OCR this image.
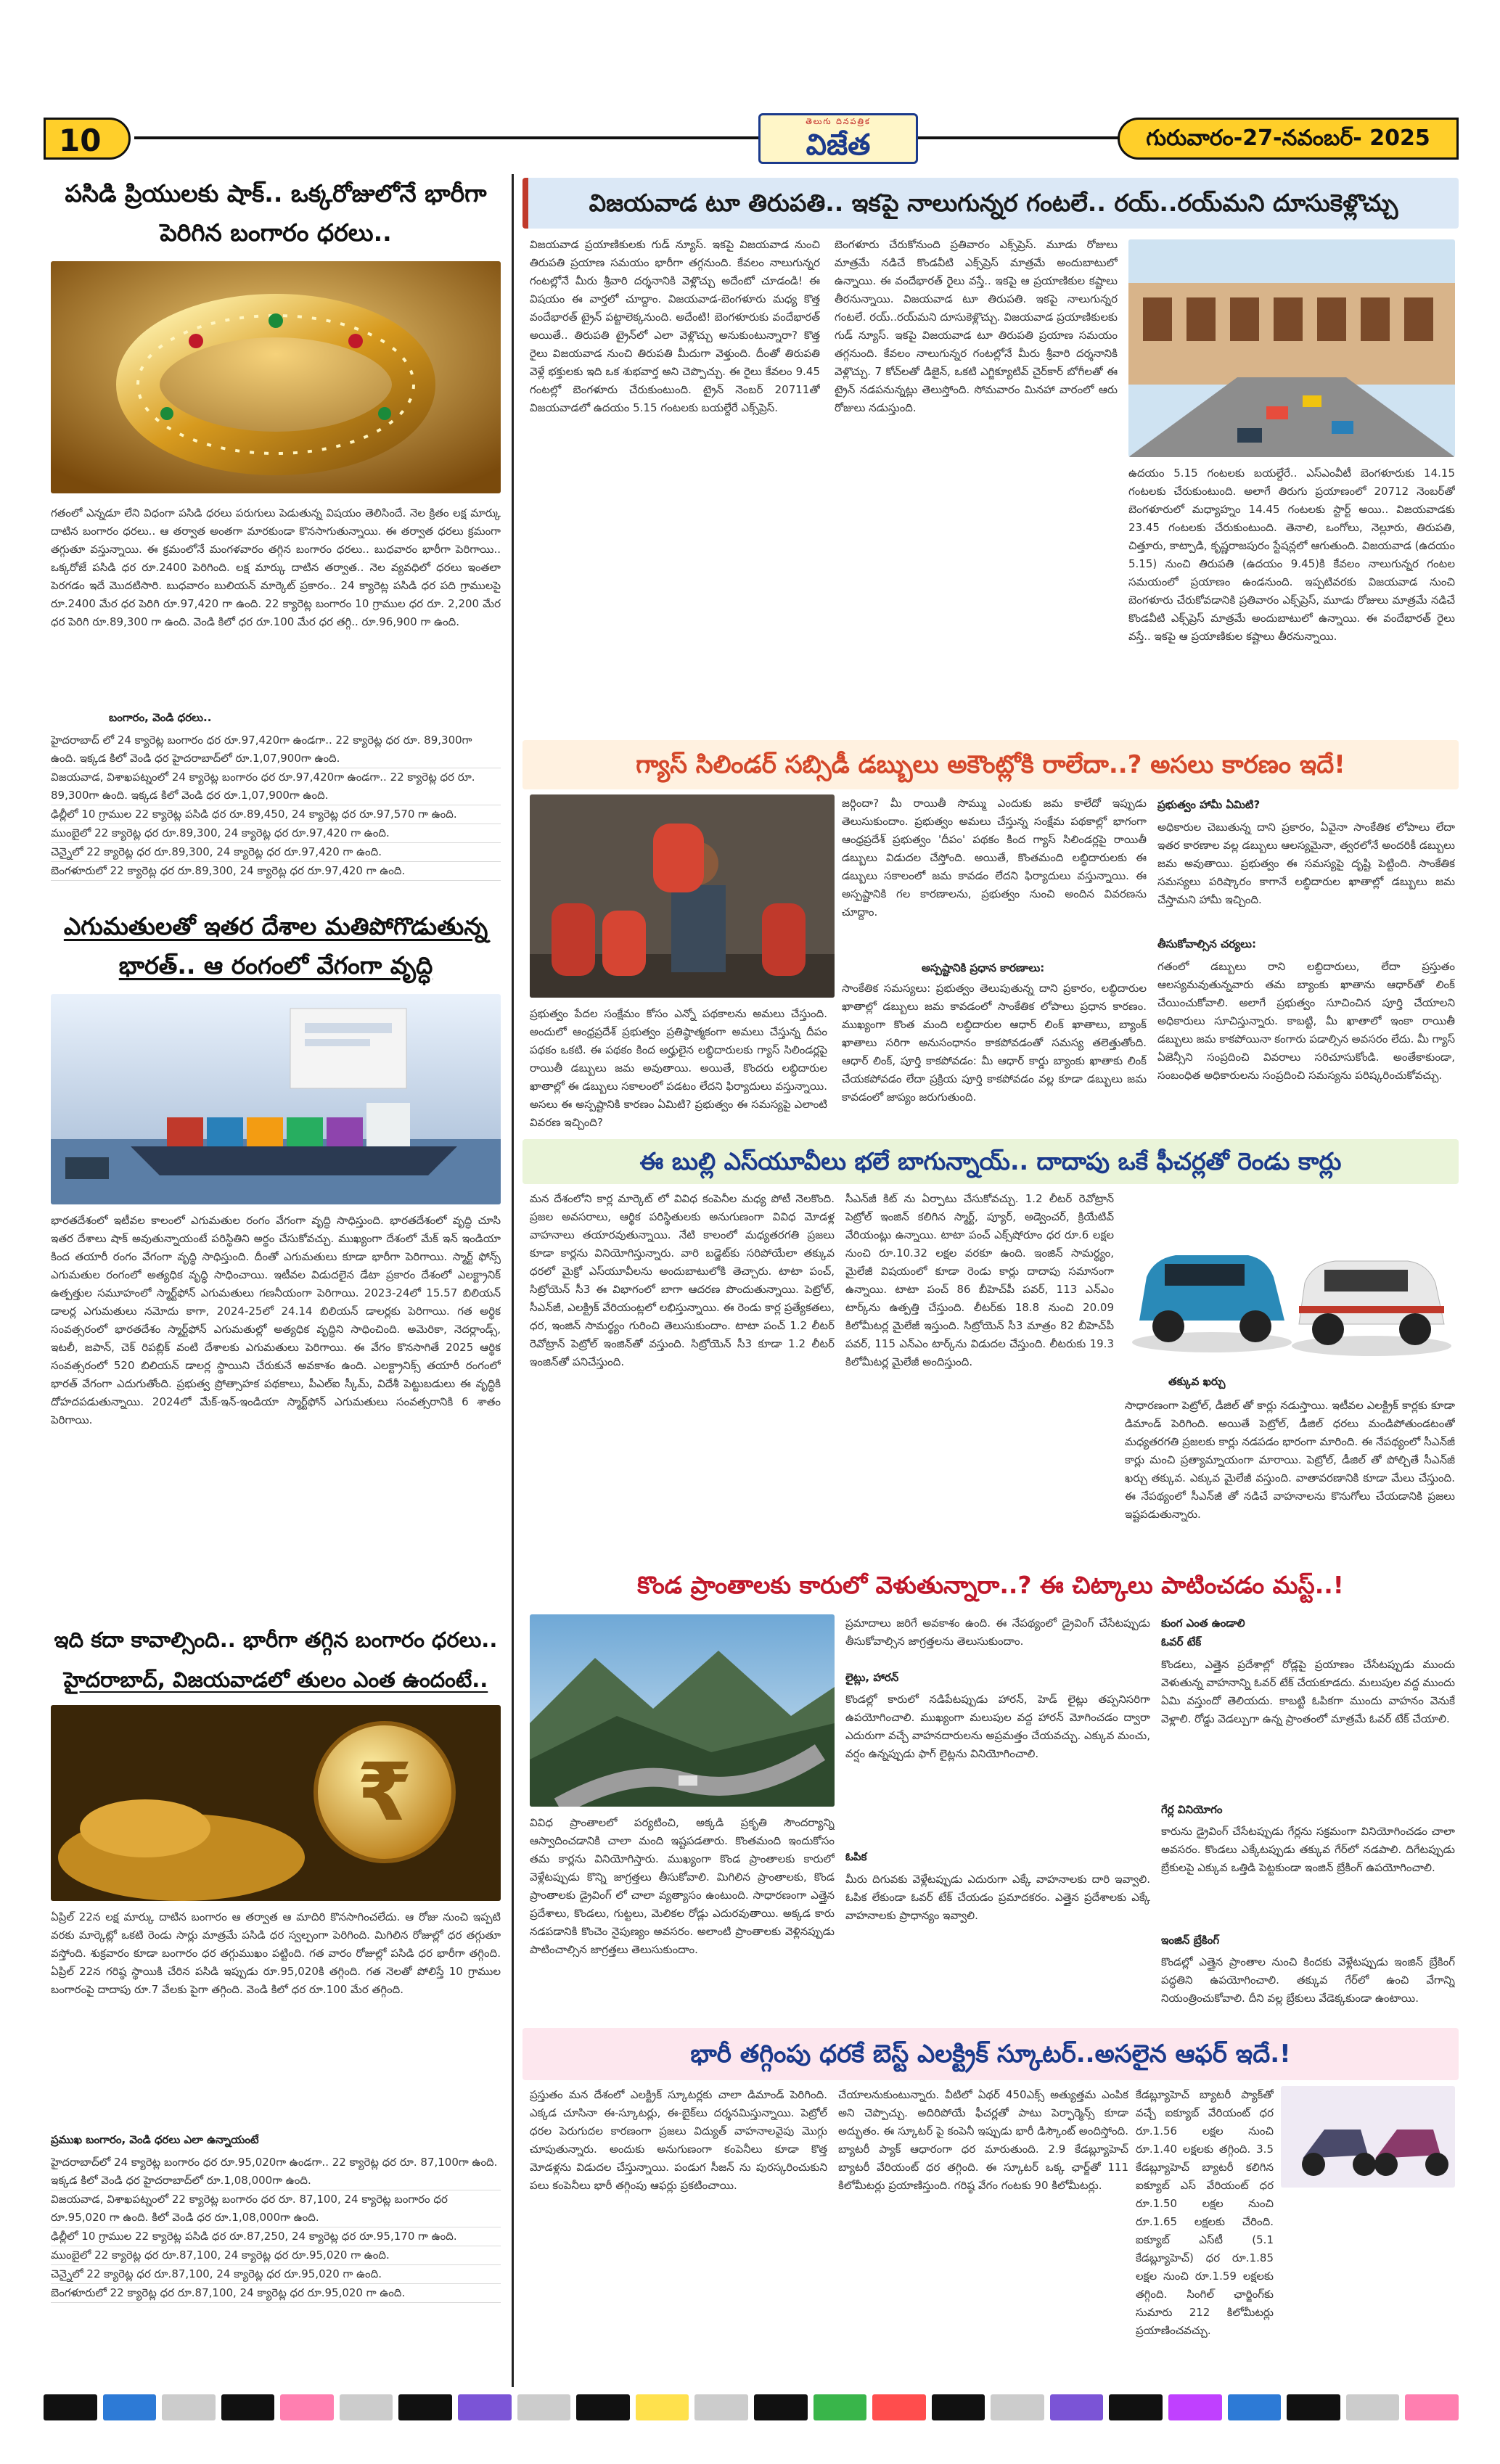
10
తెలుగు దినపత్రిక
విజేత	గురువారం-27-నవంబర్- 2025
పసిడి ప్రియులకు షాక్.. ఒక్కరోజులోనే భారీగా పెరిగిన బంగారం ధరలు..
గతంలో ఎన్నడూ లేని విధంగా పసిడి ధరలు పరుగులు పెడుతున్న విషయం తెలిసిందే. నెల క్రితం లక్ష మార్కు దాటిన బంగారం ధరలు.. ఆ తర్వాత అంతగా మారకుండా కొనసాగుతున్నాయి. ఈ తర్వాత ధరలు క్రమంగా తగ్గుతూ వస్తున్నాయి. ఈ క్రమంలోనే మంగళవారం తగ్గిన బంగారం ధరలు.. బుధవారం భారీగా పెరిగాయి.. ఒక్కరోజే పసిడి ధర రూ.2400 పెరిగింది. లక్ష మార్కు దాటిన తర్వాత.. నెల వ్యవధిలో ధరలు ఇంతలా పెరగడం ఇదే మొదటిసారి. బుధవారం బులియన్ మార్కెట్ ప్రకారం.. 24 క్యారెట్ల పసిడి ధర పది గ్రాములపై రూ.2400 మేర ధర పెరిగి రూ.97,420 గా ఉంది. 22 క్యారెట్ల బంగారం 10 గ్రాముల ధర రూ. 2,200 మేర ధర పెరిగి రూ.89,300 గా ఉంది. వెండి కిలో ధర రూ.100 మేర ధర తగ్గి.. రూ.96,900 గా ఉంది.
బంగారం, వెండి ధరలు..
హైదరాబాద్ లో 24 క్యారెట్ల బంగారం ధర రూ.97,420గా ఉండగా.. 22 క్యారెట్ల ధర రూ. 89,300గా ఉంది. ఇక్కడ కిలో వెండి ధర హైదరాబాద్‌లో రూ.1,07,900గా ఉంది.
విజయవాడ, విశాఖపట్నంలో 24 క్యారెట్ల బంగారం ధర రూ.97,420గా ఉండగా.. 22 క్యారెట్ల ధర రూ. 89,300గా ఉంది. ఇక్కడ కిలో వెండి ధర రూ.1,07,900గా ఉంది.
ఢిల్లీలో 10 గ్రాముల 22 క్యారెట్ల పసిడి ధర రూ.89,450, 24 క్యారెట్ల ధర రూ.97,570 గా ఉంది.
ముంబైలో 22 క్యారెట్ల ధర రూ.89,300, 24 క్యారెట్ల ధర రూ.97,420 గా ఉంది.
చెన్నైలో 22 క్యారెట్ల ధర రూ.89,300, 24 క్యారెట్ల ధర రూ.97,420 గా ఉంది.
బెంగళూరులో 22 క్యారెట్ల ధర రూ.89,300, 24 క్యారెట్ల ధర రూ.97,420 గా ఉంది.
ఎగుమతులతో ఇతర దేశాల మతిపోగొడుతున్న భారత్.. ఆ రంగంలో వేగంగా వృద్ధి
భారతదేశంలో ఇటీవల కాలంలో ఎగుమతుల రంగం వేగంగా వృద్ధి సాధిస్తుంది. భారతదేశంలో వృద్ధి చూసి ఇతర దేశాలు షాక్ అవుతున్నాయంటే పరిస్థితిని అర్థం చేసుకోవచ్చు. ముఖ్యంగా దేశంలో మేక్ ఇన్ ఇండియా కింద తయారీ రంగం వేగంగా వృద్ధి సాధిస్తుంది. దీంతో ఎగుమతులు కూడా భారీగా పెరిగాయి. స్మార్ట్ ఫోన్స్ ఎగుమతుల రంగంలో అత్యధిక వృద్ధి సాధించాయి. ఇటీవల విడుదలైన డేటా ప్రకారం దేశంలో ఎలక్ట్రానిక్ ఉత్పత్తుల సమూహంలో స్మార్ట్‌ఫోన్ ఎగుమతులు గణనీయంగా పెరిగాయి. 2023-24లో 15.57 బిలియన్ డాలర్ల ఎగుమతులు నమోదు కాగా, 2024-25లో 24.14 బిలియన్ డాలర్లకు పెరిగాయి. గత అర్థిక సంవత్సరంలో భారతదేశం స్మార్ట్‌ఫోన్ ఎగుమతుల్లో అత్యధిక వృద్ధిని సాధించింది. అమెరికా, నెదర్లాండ్స్, ఇటలీ, జపాన్, చెక్ రిపబ్లిక్ వంటి దేశాలకు ఎగుమతులు పెరిగాయి. ఈ వేగం కొనసాగితే 2025 ఆర్థిక సంవత్సరంలో 520 బిలియన్ డాలర్ల స్థాయిని చేరుకునే అవకాశం ఉంది. ఎలక్ట్రానిక్స్ తయారీ రంగంలో భారత్‌ వేగంగా ఎదుగుతోంది. ప్రభుత్వ ప్రోత్సాహక పథకాలు, పీఎల్‌ఐ స్కీమ్, విదేశీ పెట్టుబడులు ఈ వృద్ధికి దోహదపడుతున్నాయి. 2024లో మేక్-ఇన్-ఇండియా స్మార్ట్‌ఫోన్ ఎగుమతులు సంవత్సరానికి 6 శాతం పెరిగాయి.
ఇది కదా కావాల్సింది.. భారీగా తగ్గిన బంగారం ధరలు..
హైదరాబాద్, విజయవాడలో తులం ఎంత ఉందంటే..
₹
ఏప్రిల్ 22న లక్ష మార్కు దాటిన బంగారం ఆ తర్వాత ఆ మాదిరి కొనసాగించలేదు. ఆ రోజు నుంచి ఇప్పటి వరకు మార్కెట్లో ఒకటి రెండు సార్లు మాత్రమే పసిడి ధర స్వల్పంగా పెరిగింది. మిగిలిన రోజుల్లో ధర తగ్గుతూ వస్తోంది. శుక్రవారం కూడా బంగారం ధర తగ్గుముఖం పట్టింది. గత వారం రోజుల్లో పసిడి ధర భారీగా తగ్గింది. ఏప్రిల్ 22న గరిష్ఠ స్థాయికి చేరిన పసిడి ఇప్పుడు రూ.95,020కి తగ్గింది. గత నెలతో పోలిస్తే 10 గ్రాముల బంగారంపై దాదాపు రూ.7 వేలకు పైగా తగ్గింది. వెండి కిలో ధర రూ.100 మేర తగ్గింది.
ప్రముఖ బంగారం, వెండి ధరలు ఎలా ఉన్నాయంటే
హైదరాబాద్‌లో 24 క్యారెట్ల బంగారం ధర రూ.95,020గా ఉండగా.. 22 క్యారెట్ల ధర రూ. 87,100గా ఉంది. ఇక్కడ కిలో వెండి ధర హైదరాబాద్‌లో రూ.1,08,000గా ఉంది.
విజయవాడ, విశాఖపట్నంలో 22 క్యారెట్ల బంగారం ధర రూ. 87,100, 24 క్యారెట్ల బంగారం ధర రూ.95,020 గా ఉంది. కిలో వెండి ధర రూ.1,08,000గా ఉంది.
ఢిల్లీలో 10 గ్రాముల 22 క్యారెట్ల పసిడి ధర రూ.87,250, 24 క్యారెట్ల ధర రూ.95,170 గా ఉంది.
ముంబైలో 22 క్యారెట్ల ధర రూ.87,100, 24 క్యారెట్ల ధర రూ.95,020 గా ఉంది.
చెన్నైలో 22 క్యారెట్ల ధర రూ.87,100, 24 క్యారెట్ల ధర రూ.95,020 గా ఉంది.
బెంగళూరులో 22 క్యారెట్ల ధర రూ.87,100, 24 క్యారెట్ల ధర రూ.95,020 గా ఉంది.
విజయవాడ టూ తిరుపతి.. ఇకపై నాలుగున్నర గంటలే.. రయ్..రయ్‌మని దూసుకెళ్లొచ్చు
విజయవాడ ప్రయాణికులకు గుడ్ న్యూస్. ఇకపై విజయవాడ నుంచి తిరుపతి ప్రయాణ సమయం భారీగా తగ్గనుంది. కేవలం నాలుగున్నర గంటల్లోనే మీరు శ్రీవారి దర్శనానికి వెళ్లొచ్చు అదేంటో చూడండి! ఈ విషయం ఈ వార్తలో చూద్దాం. విజయవాడ-బెంగళూరు మధ్య కొత్త వందేభారత్ ట్రైన్ పట్టాలెక్కనుంది. అదేంటి! బెంగళూరుకు వందేభారత్ అయితే.. తిరుపతి ట్రైన్‌లో ఎలా వెళ్లొచ్చు అనుకుంటున్నారా? కొత్త రైలు విజయవాడ నుంచి తిరుపతి మీదుగా వెళ్తుంది. దీంతో తిరుపతి వెళ్లే భక్తులకు ఇది ఒక శుభవార్త అని చెప్పొచ్చు. ఈ రైలు కేవలం 9.45 గంటల్లో బెంగళూరు చేరుకుంటుంది. ట్రైన్ నెంబర్ 20711తో విజయవాడలో ఉదయం 5.15 గంటలకు బయల్దేరే ఎక్స్‌ప్రెస్.
బెంగళూరు చేరుకోనుంది ప్రతివారం ఎక్స్‌ప్రెస్. మూడు రోజులు మాత్రమే నడిచే కొండవీటి ఎక్స్‌ప్రెస్ మాత్రమే అందుబాటులో ఉన్నాయి. ఈ వందేభారత్ రైలు వస్తే.. ఇకపై ఆ ప్రయాణికుల కష్టాలు తీరనున్నాయి. విజయవాడ టూ తిరుపతి. ఇకపై నాలుగున్నర గంటలే. రయ్..రయ్‌మని దూసుకెళ్లొచ్చు. విజయవాడ ప్రయాణికులకు గుడ్ న్యూస్. ఇకపై విజయవాడ టూ తిరుపతి ప్రయాణ సమయం తగ్గనుంది. కేవలం నాలుగున్నర గంటల్లోనే మీరు శ్రీవారి దర్శనానికి వెళ్లొచ్చు. 7 కోచ్‌లతో డిజైన్, ఒకటి ఎగ్జిక్యూటివ్ చైర్‌కార్ బోగీలతో ఈ ట్రైన్ నడపనున్నట్లు తెలుస్తోంది. సోమవారం మినహా వారంలో ఆరు రోజులు నడుస్తుంది.
ఉదయం 5.15 గంటలకు బయల్దేరే.. ఎస్ఎంవీటీ బెంగళూరుకు 14.15 గంటలకు చేరుకుంటుంది. అలాగే తిరుగు ప్రయాణంలో 20712 నెంబర్‌తో బెంగళూరులో మధ్యాహ్నం 14.45 గంటలకు స్టార్ట్ అయి.. విజయవాడకు 23.45 గంటలకు చేరుకుంటుంది. తెనాలి, ఒంగోలు, నెల్లూరు, తిరుపతి, చిత్తూరు, కాట్పాడి, కృష్ణరాజపురం స్టేషన్లలో ఆగుతుంది. విజయవాడ (ఉదయం 5.15) నుంచి తిరుపతి (ఉదయం 9.45)కి కేవలం నాలుగున్నర గంటల సమయంలో ప్రయాణం ఉండనుంది. ఇప్పటివరకు విజయవాడ నుంచి బెంగళూరు చేరుకోవడానికి ప్రతివారం ఎక్స్‌ప్రెస్, మూడు రోజులు మాత్రమే నడిచే కొండవీటి ఎక్స్‌ప్రెస్ మాత్రమే అందుబాటులో ఉన్నాయి. ఈ వందేభారత్ రైలు వస్తే.. ఇకపై ఆ ప్రయాణికుల కష్టాలు తీరనున్నాయి.
గ్యాస్ సిలిండర్ సబ్సిడీ డబ్బులు అకౌంట్లోకి రాలేదా..? అసలు కారణం ఇదే!
జర్గిందా? మీ రాయితీ సొమ్ము ఎందుకు జమ కాలేదో ఇప్పుడు తెలుసుకుందాం. ప్రభుత్వం అమలు చేస్తున్న సంక్షేమ పథకాల్లో భాగంగా ఆంధ్రప్రదేశ్ ప్రభుత్వం 'దీపం' పథకం కింద గ్యాస్ సిలిండర్లపై రాయితీ డబ్బులు విడుదల చేస్తోంది. అయితే, కొంతమంది లబ్ధిదారులకు ఈ డబ్బులు సకాలంలో జమ కావడం లేదని ఫిర్యాదులు వస్తున్నాయి. ఈ అస్పష్టానికి గల కారణాలను, ప్రభుత్వం నుంచి అందిన వివరణను చూద్దాం.
అస్పష్టానికి ప్రధాన కారణాలు:
ప్రభుత్వం పేదల సంక్షేమం కోసం ఎన్నో పథకాలను అమలు చేస్తుంది. అందులో ఆంధ్రప్రదేశ్ ప్రభుత్వం ప్రతిష్ఠాత్మకంగా అమలు చేస్తున్న దీపం పథకం ఒకటి. ఈ పథకం కింద అర్హులైన లబ్ధిదారులకు గ్యాస్ సిలిండర్లపై రాయితీ డబ్బులు జమ అవుతాయి. అయితే, కొందరు లబ్ధిదారుల ఖాతాల్లో ఈ డబ్బులు సకాలంలో పడటం లేదని ఫిర్యాదులు వస్తున్నాయి. అసలు ఈ అస్పష్టానికి కారణం ఏమిటి? ప్రభుత్వం ఈ సమస్యపై ఎలాంటి వివరణ ఇచ్చింది?
సాంకేతిక సమస్యలు: ప్రభుత్వం తెలుపుతున్న దాని ప్రకారం, లబ్ధిదారుల ఖాతాల్లో డబ్బులు జమ కావడంలో సాంకేతిక లోపాలు ప్రధాన కారణం. ముఖ్యంగా కొంత మంది లబ్ధిదారుల ఆధార్ లింక్ ఖాతాలు, బ్యాంక్ ఖాతాలు సరిగా అనుసంధానం కాకపోవడంతో సమస్య తలెత్తుతోంది. ఆధార్ లింక్, పూర్తి కాకపోవడం: మీ ఆధార్ కార్డు బ్యాంకు ఖాతాకు లింక్ చేయకపోవడం లేదా ప్రక్రియ పూర్తి కాకపోవడం వల్ల కూడా డబ్బులు జమ కావడంలో జాప్యం జరుగుతుంది.
ప్రభుత్వం హామీ ఏమిటి?
అధికారుల చెబుతున్న దాని ప్రకారం, ఏవైనా సాంకేతిక లోపాలు లేదా ఇతర కారణాల వల్ల డబ్బులు ఆలస్యమైనా, త్వరలోనే అందరికీ డబ్బులు జమ అవుతాయి. ప్రభుత్వం ఈ సమస్యపై దృష్టి పెట్టింది. సాంకేతిక సమస్యలు పరిష్కారం కాగానే లబ్ధిదారుల ఖాతాల్లో డబ్బులు జమ చేస్తామని హామీ ఇచ్చింది.
తీసుకోవాల్సిన చర్యలు:
గతంలో డబ్బులు రాని లబ్ధిదారులు, లేదా ప్రస్తుతం ఆలస్యమవుతున్నవారు తమ బ్యాంకు ఖాతాను ఆధార్‌తో లింక్ చేయించుకోవాలి. అలాగే ప్రభుత్వం సూచించిన పూర్తి చేయాలని అధికారులు సూచిస్తున్నారు. కాబట్టి, మీ ఖాతాలో ఇంకా రాయితీ డబ్బులు జమ కాకపోయినా కంగారు పడాల్సిన అవసరం లేదు. మీ గ్యాస్ ఏజెన్సీని సంప్రదించి వివరాలు సరిచూసుకోండి. అంతేకాకుండా, సంబంధిత అధికారులను సంప్రదించి సమస్యను పరిష్కరించుకోవచ్చు.
ఈ బుల్లి ఎస్‌యూవీలు భలే బాగున్నాయ్.. దాదాపు ఒకే ఫీచర్లతో రెండు కార్లు
మన దేశంలోని కార్ల మార్కెట్ లో వివిధ కంపెనీల మధ్య పోటీ నెలకొంది. ప్రజల అవసరాలు, ఆర్థిక పరిస్థితులకు అనుగుణంగా వివిధ మోడళ్ల వాహనాలు తయారవుతున్నాయి. నేటి కాలంలో మధ్యతరగతి ప్రజలు కూడా కార్లను వినియోగిస్తున్నారు. వారి బడ్జెట్‌కు సరిపోయేలా తక్కువ ధరలో మైక్రో ఎస్‌యూవీలను అందుబాటులోకి తెచ్చారు. టాటా పంచ్, సిట్రోయెన్ సీ3 ఈ విభాగంలో బాగా ఆదరణ పొందుతున్నాయి. పెట్రోల్, సీఎన్‌జీ, ఎలక్ట్రిక్ వేరియంట్లలో లభిస్తున్నాయి. ఈ రెండు కార్ల ప్రత్యేకతలు, ధర, ఇంజిన్ సామర్థ్యం గురించి తెలుసుకుందాం. టాటా పంచ్ 1.2 లీటర్ రెవోట్రాన్ పెట్రోల్ ఇంజిన్‌తో వస్తుంది. సిట్రోయెన్ సీ3 కూడా 1.2 లీటర్ ఇంజిన్‌తో పనిచేస్తుంది.
సీఎన్‌జీ కిట్ ను ఏర్పాటు చేసుకోవచ్చు. 1.2 లీటర్ రెవోట్రాన్ పెట్రోల్ ఇంజిన్ కలిగిన స్మార్ట్, ప్యూర్, అడ్వెంచర్, క్రియేటివ్ వేరియంట్లు ఉన్నాయి. టాటా పంచ్ ఎక్స్‌షోరూం ధర రూ.6 లక్షల నుంచి రూ.10.32 లక్షల వరకూ ఉంది. ఇంజిన్ సామర్థ్యం, మైలేజీ విషయంలో కూడా రెండు కార్లు దాదాపు సమానంగా ఉన్నాయి. టాటా పంచ్ 86 బీహెచ్‌పీ పవర్, 113 ఎన్ఎం టార్క్‌ను ఉత్పత్తి చేస్తుంది. లీటర్‌కు 18.8 నుంచి 20.09 కిలోమీటర్ల మైలేజీ ఇస్తుంది. సిట్రోయెన్ సీ3 మాత్రం 82 బీహెచ్‌పీ పవర్, 115 ఎన్ఎం టార్క్‌ను విడుదల చేస్తుంది. లీటరుకు 19.3 కిలోమీటర్ల మైలేజీ అందిస్తుంది.
తక్కువ ఖర్చు
సాధారణంగా పెట్రోల్, డీజిల్ తో కార్లు నడుస్తాయి. ఇటీవల ఎలక్ట్రిక్ కార్లకు కూడా డిమాండ్ పెరిగింది. అయితే పెట్రోల్, డీజిల్ ధరలు మండిపోతుండటంతో మధ్యతరగతి ప్రజలకు కార్లు నడపడం భారంగా మారింది. ఈ నేపథ్యంలో సీఎన్‌జీ కార్లు మంచి ప్రత్యామ్నాయంగా మారాయి. పెట్రోల్, డీజిల్ తో పోల్చితే సీఎన్‌జీ ఖర్చు తక్కువ. ఎక్కువ మైలేజీ వస్తుంది. వాతావరణానికి కూడా మేలు చేస్తుంది. ఈ నేపథ్యంలో సీఎన్‌జీ తో నడిచే వాహనాలను కొనుగోలు చేయడానికి ప్రజలు ఇష్టపడుతున్నారు.
కొండ ప్రాంతాలకు కారులో వెళుతున్నారా..? ఈ చిట్కాలు పాటించడం మస్ట్..!
వివిధ ప్రాంతాలలో పర్యటించి, అక్కడి ప్రకృతి సౌందర్యాన్ని ఆస్వాదించడానికి చాలా మంది ఇష్టపడతారు. కొంతమంది ఇందుకోసం తమ కార్లను వినియోగిస్తారు. ముఖ్యంగా కొండ ప్రాంతాలకు కారులో వెళ్లేటప్పుడు కొన్ని జాగ్రత్తలు తీసుకోవాలి. మిగిలిన ప్రాంతాలకు, కొండ ప్రాంతాలకు డ్రైవింగ్ లో చాలా వ్యత్యాసం ఉంటుంది. సాధారణంగా ఎత్తైన ప్రదేశాలు, కొండలు, గుట్టలు, మెలికల రోడ్లు ఎదురవుతాయి. అక్కడ కారు నడపడానికి కొంచెం నైపుణ్యం అవసరం. అలాంటి ప్రాంతాలకు వెళ్లినప్పుడు పాటించాల్సిన జాగ్రత్తలు తెలుసుకుందాం.
ప్రమాదాలు జరిగే అవకాశం ఉంది. ఈ నేపథ్యంలో డ్రైవింగ్ చేసేటప్పుడు తీసుకోవాల్సిన జాగ్రత్తలను తెలుసుకుందాం.
లైట్లు, హారన్
కొండల్లో కారులో నడిపేటప్పుడు హారన్, హెడ్ లైట్లు తప్పనిసరిగా ఉపయోగించాలి. ముఖ్యంగా మలుపుల వద్ద హారన్ మోగించడం ద్వారా ఎదురుగా వచ్చే వాహనదారులను అప్రమత్తం చేయవచ్చు. ఎక్కువ మంచు, వర్షం ఉన్నప్పుడు ఫాగ్ లైట్లను వినియోగించాలి.
ఓపిక
మీరు దిగువకు వెళ్లేటప్పుడు ఎదురుగా ఎక్కే వాహనాలకు దారి ఇవ్వాలి. ఓపిక లేకుండా ఓవర్ టేక్ చేయడం ప్రమాదకరం. ఎత్తైన ప్రదేశాలకు ఎక్కే వాహనాలకు ప్రాధాన్యం ఇవ్వాలి.
కుంగ ఎంత ఉండాలి
ఓవర్ టేక్
కొండలు, ఎత్తైన ప్రదేశాల్లో రోడ్లపై ప్రయాణం చేసేటప్పుడు ముందు వెళుతున్న వాహనాన్ని ఓవర్ టేక్ చేయకూడదు. మలుపుల వద్ద ముందు ఏమి వస్తుందో తెలియదు. కాబట్టి ఓపికగా ముందు వాహనం వెనుకే వెళ్లాలి. రోడ్డు వెడల్పుగా ఉన్న ప్రాంతంలో మాత్రమే ఓవర్ టేక్ చేయాలి.
గేర్ల వినియోగం
కారును డ్రైవింగ్ చేసేటప్పుడు గేర్లను సక్రమంగా వినియోగించడం చాలా అవసరం. కొండలు ఎక్కేటప్పుడు తక్కువ గేర్‌లో నడపాలి. దిగేటప్పుడు బ్రేకులపై ఎక్కువ ఒత్తిడి పెట్టకుండా ఇంజిన్ బ్రేకింగ్ ఉపయోగించాలి.
ఇంజిన్ బ్రేకింగ్
కొండల్లో ఎత్తైన ప్రాంతాల నుంచి కిందకు వెళ్లేటప్పుడు ఇంజిన్ బ్రేకింగ్ పద్ధతిని ఉపయోగించాలి. తక్కువ గేర్‌లో ఉంచి వేగాన్ని నియంత్రించుకోవాలి. దీని వల్ల బ్రేకులు వేడెక్కకుండా ఉంటాయి.
భారీ తగ్గింపు ధరకే బెస్ట్ ఎలక్ట్రిక్ స్కూటర్..అసలైన ఆఫర్ ఇదే.!
ప్రస్తుతం మన దేశంలో ఎలక్ట్రిక్ స్కూటర్లకు చాలా డిమాండ్ పెరిగింది. ఎక్కడ చూసినా ఈ-స్కూటర్లు, ఈ-బైక్‌లు దర్శనమిస్తున్నాయి. పెట్రోల్ ధరల పెరుగుదల కారణంగా ప్రజలు విద్యుత్ వాహనాలవైపు మొగ్గు చూపుతున్నారు. అందుకు అనుగుణంగా కంపెనీలు కూడా కొత్త మోడళ్లను విడుదల చేస్తున్నాయి. పండుగ సీజన్ ను పురస్కరించుకుని పలు కంపెనీలు భారీ తగ్గింపు ఆఫర్లు ప్రకటించాయి.
చేయాలనుకుంటున్నారు. వీటిలో ఏథర్ 450ఎక్స్ అత్యుత్తమ ఎంపిక అని చెప్పొచ్చు. అదిరిపోయే ఫీచర్లతో పాటు పెర్ఫార్మెన్స్ కూడా అద్భుతం. ఈ స్కూటర్ పై కంపెనీ ఇప్పుడు భారీ డిస్కౌంట్ అందిస్తోంది. బ్యాటరీ ప్యాక్ ఆధారంగా ధర మారుతుంది. 2.9 కేడబ్ల్యూహెచ్ బ్యాటరీ వేరియంట్ ధర తగ్గింది. ఈ స్కూటర్ ఒక్క ఛార్జ్‌తో 111 కిలోమీటర్లు ప్రయాణిస్తుంది. గరిష్ఠ వేగం గంటకు 90 కిలోమీటర్లు.
కేడబ్ల్యూహెచ్ బ్యాటరీ ప్యాక్‌తో వచ్చే ఐక్యూబ్ వేరియంట్ ధర రూ.1.56 లక్షల నుంచి రూ.1.40 లక్షలకు తగ్గింది. 3.5 కేడబ్ల్యూహెచ్ బ్యాటరీ కలిగిన ఐక్యూబ్ ఎస్ వేరియంట్ ధర రూ.1.50 లక్షల నుంచి రూ.1.65 లక్షలకు చేరింది. ఐక్యూబ్ ఎస్‌టీ (5.1 కేడబ్ల్యూహెచ్) ధర రూ.1.85 లక్షల నుంచి రూ.1.59 లక్షలకు తగ్గింది. సింగిల్ ఛార్జింగ్‌కు సుమారు 212 కిలోమీటర్లు ప్రయాణించవచ్చు.
